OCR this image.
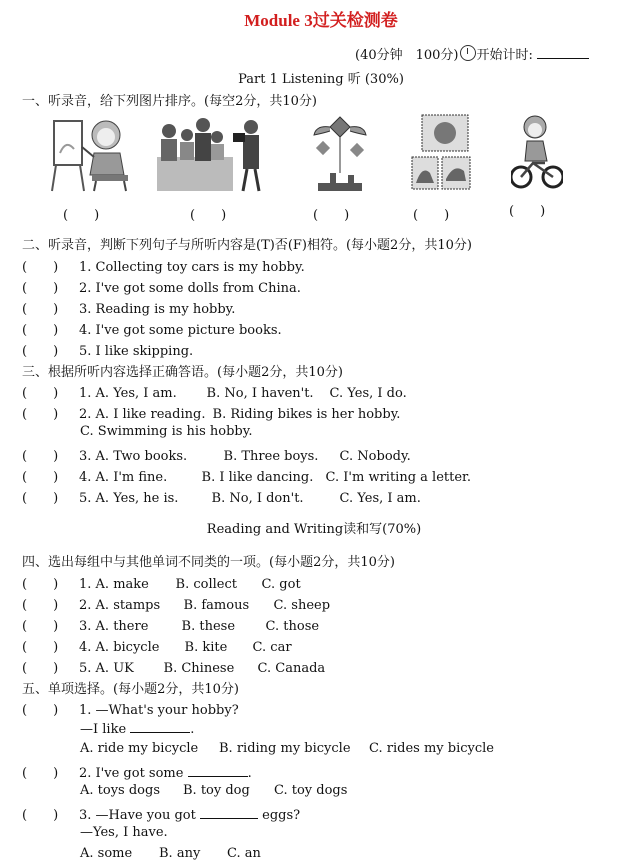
Module 3过关检测卷
(40分钟　100分) 开始计时:
Part 1 Listening 听 (30%)
一、听录音，给下列图片排序。(每空2分，共10分)
(　　)	(　　)	(　　)	(　　)	(　　)
二、听录音，判断下列句子与所听内容是(T)否(F)相符。(每小题2分，共10分)
(　　) 1. Collecting toy cars is my hobby.
(　　) 2. I've got some dolls from China.
(　　) 3. Reading is my hobby.
(　　) 4. I've got some picture books.
(　　) 5. I like skipping.
三、根据所听内容选择正确答语。(每小题2分，共10分)
(　　) 1. A. Yes, I am. B. No, I haven't. C. Yes, I do.
(　　) 2. A. I like reading. B. Riding bikes is her hobby.
C. Swimming is his hobby.
(　　) 3. A. Two books.	B. Three boys. C. Nobody.
(　　) 4. A. I'm fine.	B. I like dancing. C. I'm writing a letter.
(　　) 5. A. Yes, he is.	B. No, I don't.	C. Yes, I am.
Reading and Writing读和写(70%)
四、选出每组中与其他单词不同类的一项。(每小题2分，共10分)
(　　) 1. A. make B. collect C. got
(　　) 2. A. stamps B. famous C. sheep
(　　) 3. A. there	B. these C. those
(　　) 4. A. bicycle B. kite C. car
(　　) 5. A. UK B. Chinese C. Canada
五、单项选择。(每小题2分，共10分)
(　　) 1. —What's your hobby?
—I like	.
A. ride my bicycle B. riding my bicycle C. rides my bicycle
(　　) 2. I've got some	.
A. toys dogs B. toy dog C. toy dogs
(　　) 3. —Have you got	eggs?
—Yes, I have.
A. some B. any C. an
